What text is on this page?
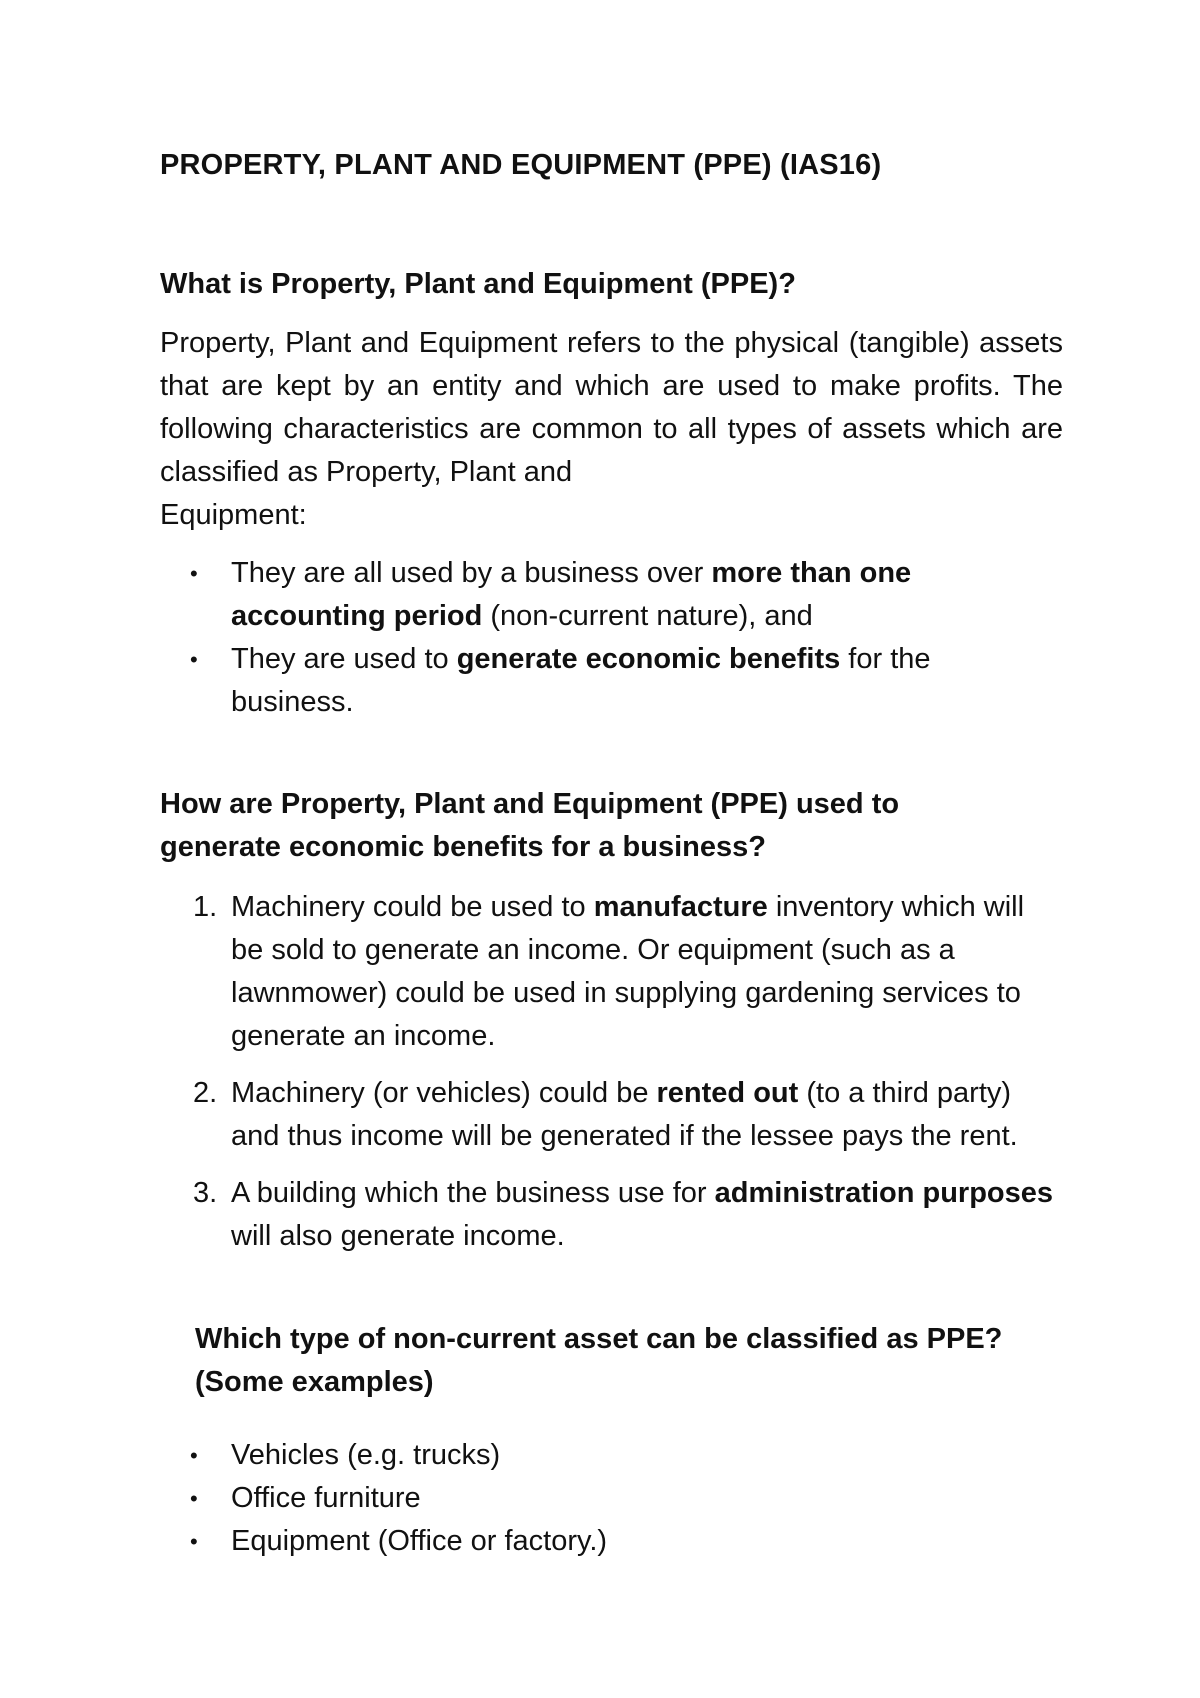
PROPERTY, PLANT AND EQUIPMENT (PPE) (IAS16)
What is Property, Plant and Equipment (PPE)?
Property, Plant and Equipment refers to the physical (tangible) assets that are kept by an entity and which are used to make profits. The following characteristics are common to all types of assets which are classified as Property, Plant and
Equipment:
• They are all used by a business over more than one accounting period (non-current nature), and
• They are used to generate economic benefits for the business.
How are Property, Plant and Equipment (PPE) used to generate economic benefits for a business?
1. Machinery could be used to manufacture inventory which will be sold to generate an income. Or equipment (such as a lawnmower) could be used in supplying gardening services to generate an income.
2. Machinery (or vehicles) could be rented out (to a third party) and thus income will be generated if the lessee pays the rent.
3. A building which the business use for administration purposes will also generate income.
Which type of non-current asset can be classified as PPE? (Some examples)
• Vehicles (e.g. trucks)
• Office furniture
• Equipment (Office or factory.)
